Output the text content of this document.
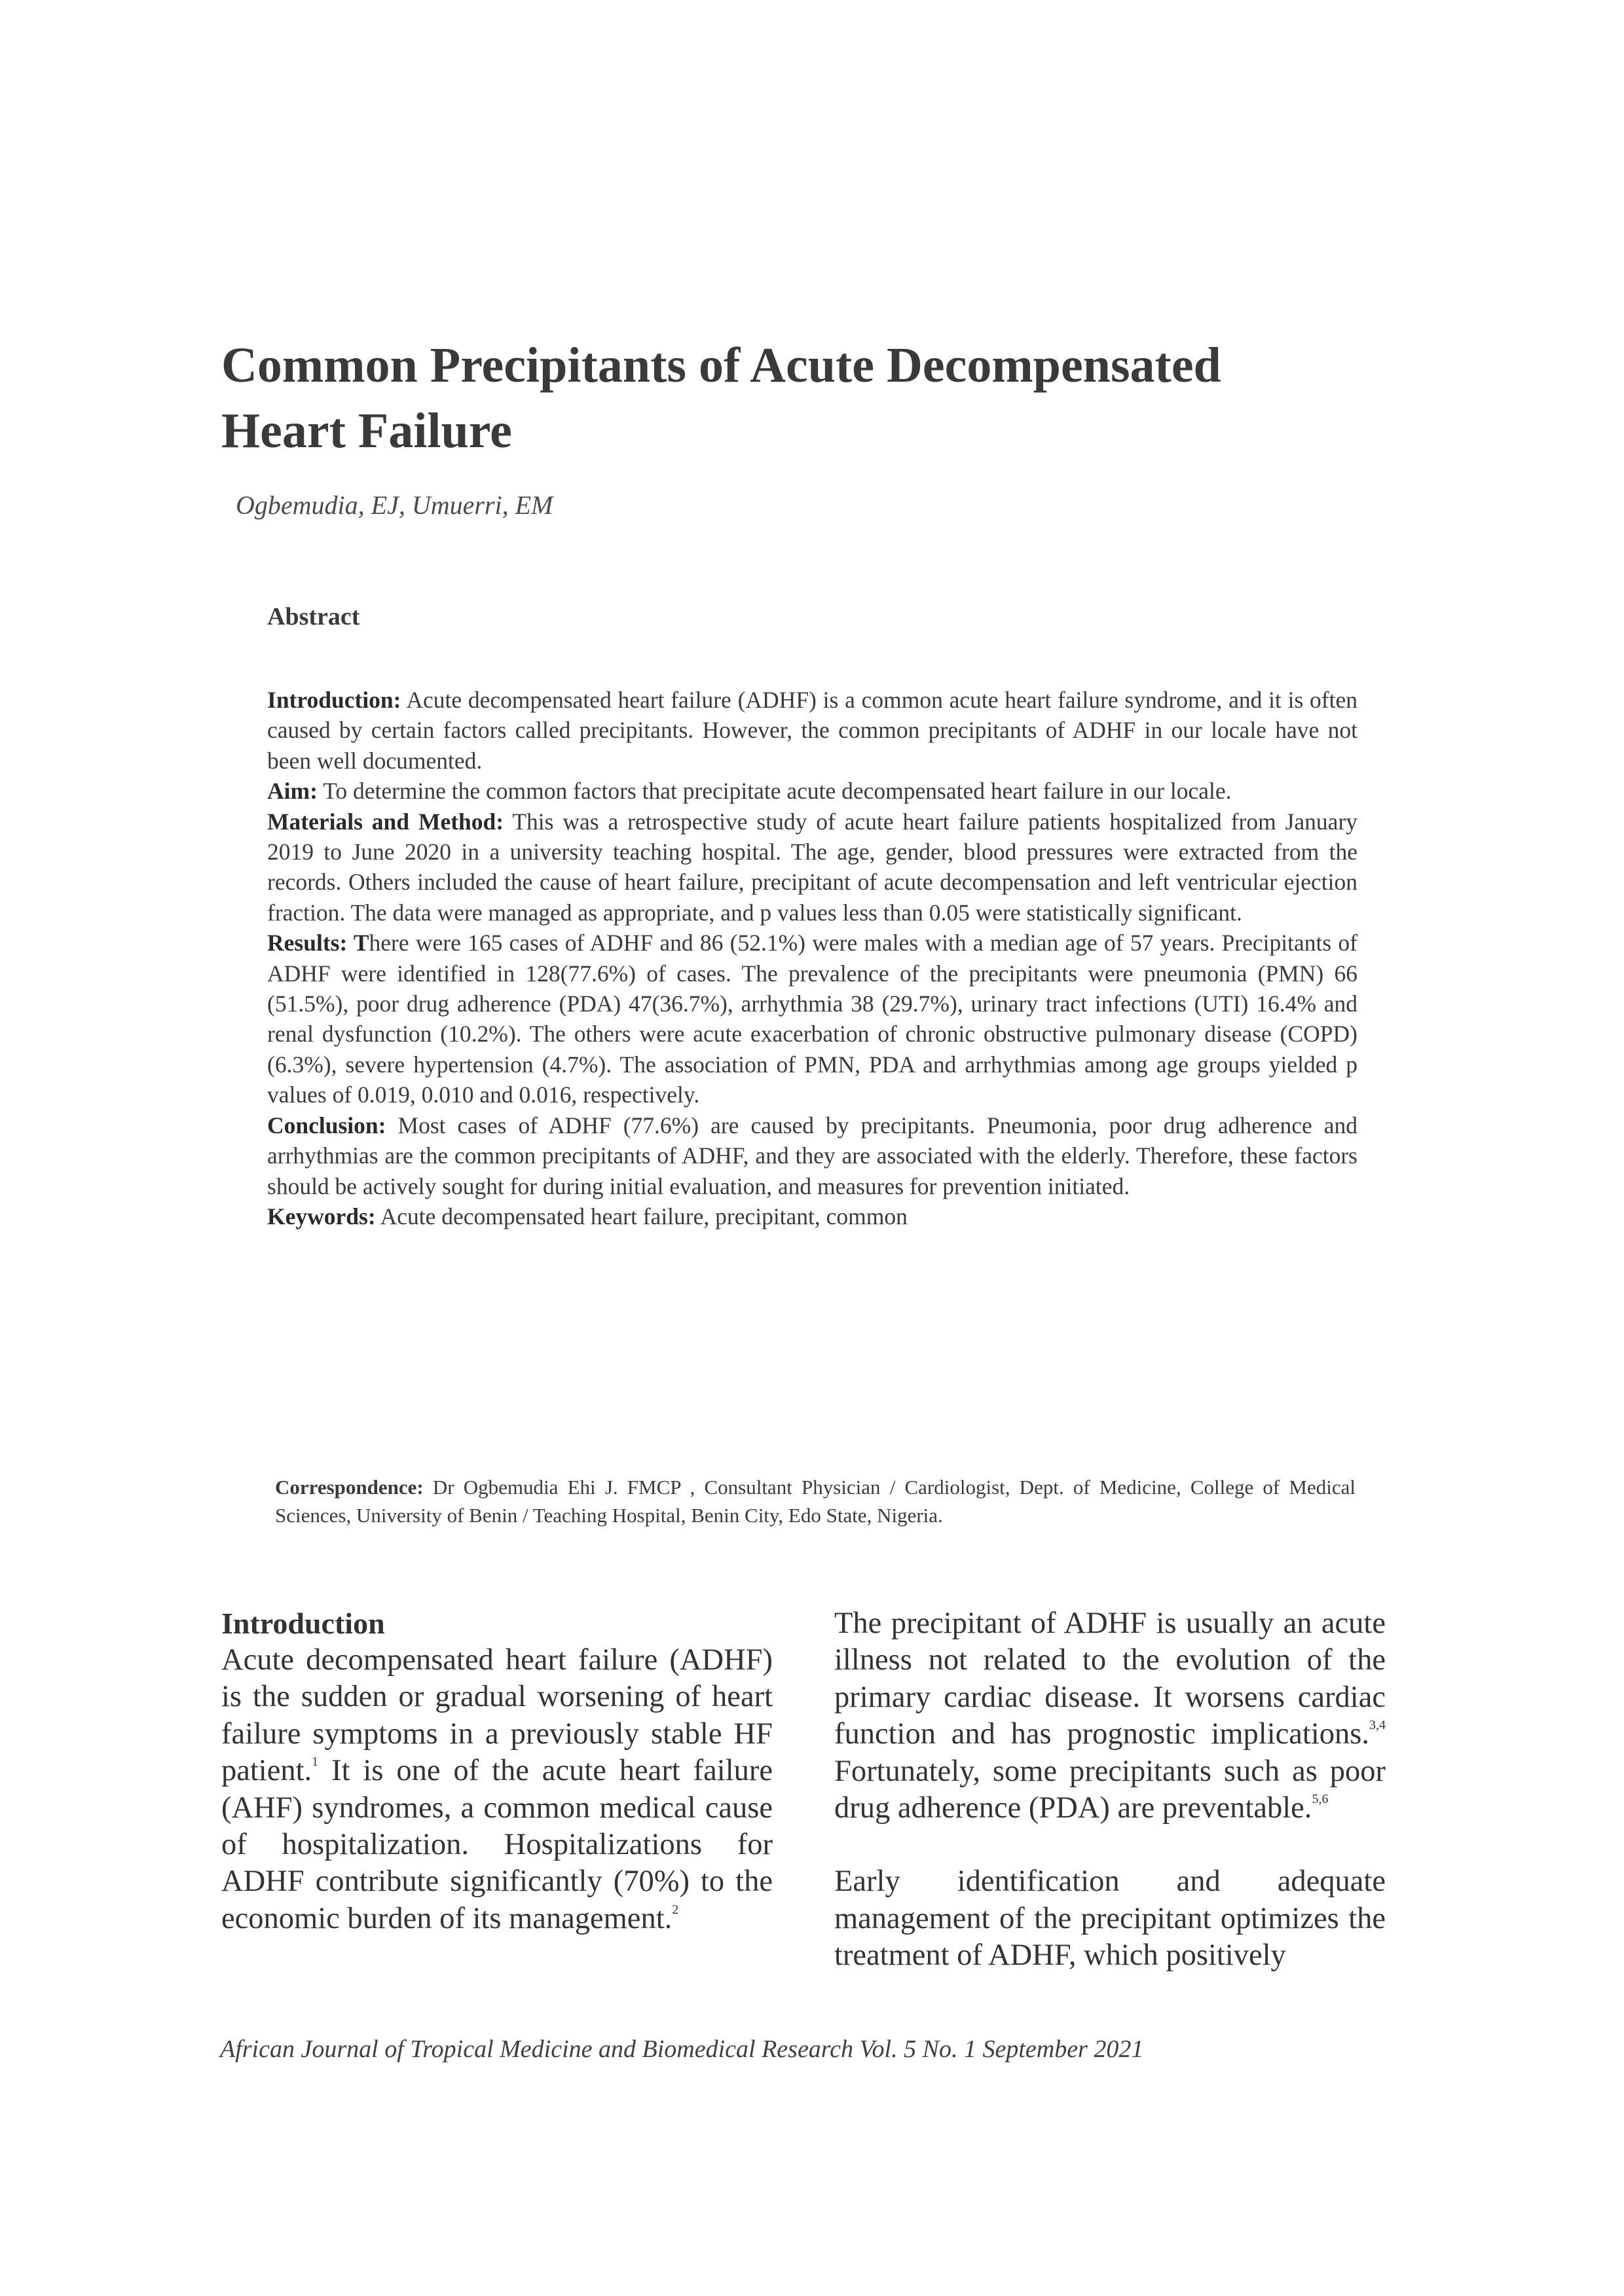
Common Precipitants of Acute Decompensated
Heart Failure

Ogbemudia, EJ, Umuerri, EM

Abstract

Introduction: Acute decompensated heart failure (ADHF) is a common acute heart failure syndrome, and it is often caused by certain factors called precipitants. However, the common precipitants of ADHF in our locale have not been well documented.

Aim: To determine the common factors that precipitate acute decompensated heart failure in our locale.

Materials and Method: This was a retrospective study of acute heart failure patients hospitalized from January 2019 to June 2020 in a university teaching hospital. The age, gender, blood pressures were extracted from the records. Others included the cause of heart failure, precipitant of acute decompensation and left ventricular ejection fraction. The data were managed as appropriate, and p values less than 0.05 were statistically significant.

Results: There were 165 cases of ADHF and 86 (52.1%) were males with a median age of 57 years. Precipitants of ADHF were identified in 128(77.6%) of cases. The prevalence of the precipitants were pneumonia (PMN) 66 (51.5%), poor drug adherence (PDA) 47(36.7%), arrhythmia 38 (29.7%), urinary tract infections (UTI) 16.4% and renal dysfunction (10.2%). The others were acute exacerbation of chronic obstructive pulmonary disease (COPD) (6.3%), severe hypertension (4.7%). The association of PMN, PDA and arrhythmias among age groups yielded p values of 0.019, 0.010 and 0.016, respectively.

Conclusion: Most cases of ADHF (77.6%) are caused by precipitants. Pneumonia, poor drug adherence and arrhythmias are the common precipitants of ADHF, and they are associated with the elderly. Therefore, these factors should be actively sought for during initial evaluation, and measures for prevention initiated.

Keywords: Acute decompensated heart failure, precipitant, common

Correspondence: Dr Ogbemudia Ehi J. FMCP , Consultant Physician / Cardiologist, Dept. of Medicine, College of Medical Sciences, University of Benin / Teaching Hospital, Benin City, Edo State, Nigeria.

Introduction

Acute decompensated heart failure (ADHF) is the sudden or gradual worsening of heart failure symptoms in a previously stable HF patient.$^1$ It is one of the acute heart failure (AHF) syndromes, a common medical cause of hospitalization. Hospitalizations for ADHF contribute significantly (70%) to the economic burden of its management.$^2$

The precipitant of ADHF is usually an acute illness not related to the evolution of the primary cardiac disease. It worsens cardiac function and has prognostic implications.$^{3,4}$ Fortunately, some precipitants such as poor drug adherence (PDA) are preventable.$^{5,6}$

Early identification and adequate management of the precipitant optimizes the treatment of ADHF, which positively

African Journal of Tropical Medicine and Biomedical Research Vol. 5 No. 1 September 2021
